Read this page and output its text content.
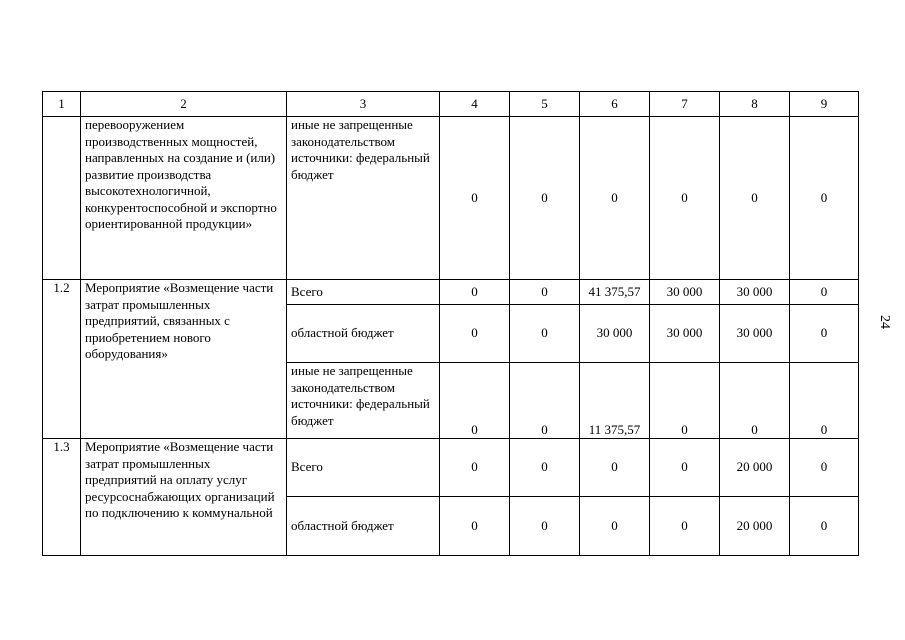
1	2	3	4	5	6	7	8	9
	перевооружением производственных мощностей, направленных на создание и (или) развитие производства высокотехнологичной, конкурентоспособной и экспортно ориентированной продукции»	иные не запрещенные законодательством источники: федеральный бюджет	0	0	0	0	0	0
1.2	Мероприятие «Возмещение части затрат промышленных предприятий, связанных с приобретением нового оборудования»	Всего	0	0	41 375,57	30 000	30 000	0
		областной бюджет	0	0	30 000	30 000	30 000	0
		иные не запрещенные законодательством источники: федеральный бюджет	0	0	11 375,57	0	0	0
1.3	Мероприятие «Возмещение части затрат промышленных предприятий на оплату услуг ресурсоснабжающих организаций по подключению к коммунальной	Всего	0	0	0	0	20 000	0
		областной бюджет	0	0	0	0	20 000	0
24
